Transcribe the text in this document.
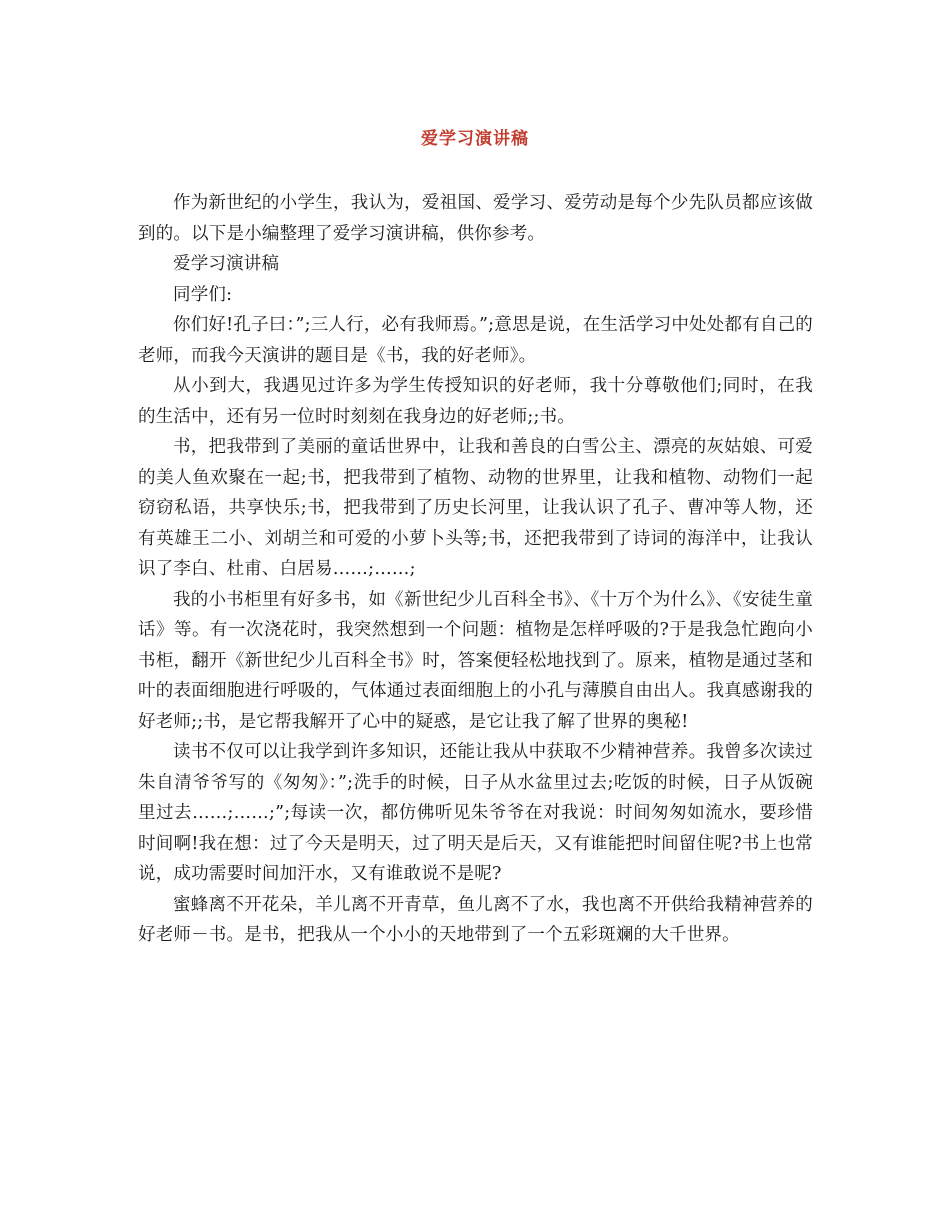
爱学习演讲稿

作为新世纪的小学生，我认为，爱祖国、爱学习、爱劳动是每个少先队员都应该做到的。以下是小编整理了爱学习演讲稿，供你参考。

爱学习演讲稿

同学们:

你们好!孔子曰：”;三人行，必有我师焉。”;意思是说，在生活学习中处处都有自己的老师，而我今天演讲的题目是《书，我的好老师》。

从小到大，我遇见过许多为学生传授知识的好老师，我十分尊敬他们;同时，在我的生活中，还有另一位时时刻刻在我身边的好老师;;书。

书，把我带到了美丽的童话世界中，让我和善良的白雪公主、漂亮的灰姑娘、可爱的美人鱼欢聚在一起;书，把我带到了植物、动物的世界里，让我和植物、动物们一起窃窃私语，共享快乐;书，把我带到了历史长河里，让我认识了孔子、曹冲等人物，还有英雄王二小、刘胡兰和可爱的小萝卜头等;书，还把我带到了诗词的海洋中，让我认识了李白、杜甫、白居易……;……;

我的小书柜里有好多书，如《新世纪少儿百科全书》、《十万个为什么》、《安徒生童话》等。有一次浇花时，我突然想到一个问题：植物是怎样呼吸的?于是我急忙跑向小书柜，翻开《新世纪少儿百科全书》时，答案便轻松地找到了。原来，植物是通过茎和叶的表面细胞进行呼吸的，气体通过表面细胞上的小孔与薄膜自由出人。我真感谢我的好老师;;书，是它帮我解开了心中的疑惑，是它让我了解了世界的奥秘!

读书不仅可以让我学到许多知识，还能让我从中获取不少精神营养。我曾多次读过朱自清爷爷写的《匆匆》：”;洗手的时候，日子从水盆里过去;吃饭的时候，日子从饭碗里过去……;……;”;每读一次，都仿佛听见朱爷爷在对我说：时间匆匆如流水，要珍惜时间啊!我在想：过了今天是明天，过了明天是后天，又有谁能把时间留住呢?书上也常说，成功需要时间加汗水，又有谁敢说不是呢?

蜜蜂离不开花朵，羊儿离不开青草，鱼儿离不了水，我也离不开供给我精神营养的好老师－书。是书，把我从一个小小的天地带到了一个五彩斑斓的大千世界。
